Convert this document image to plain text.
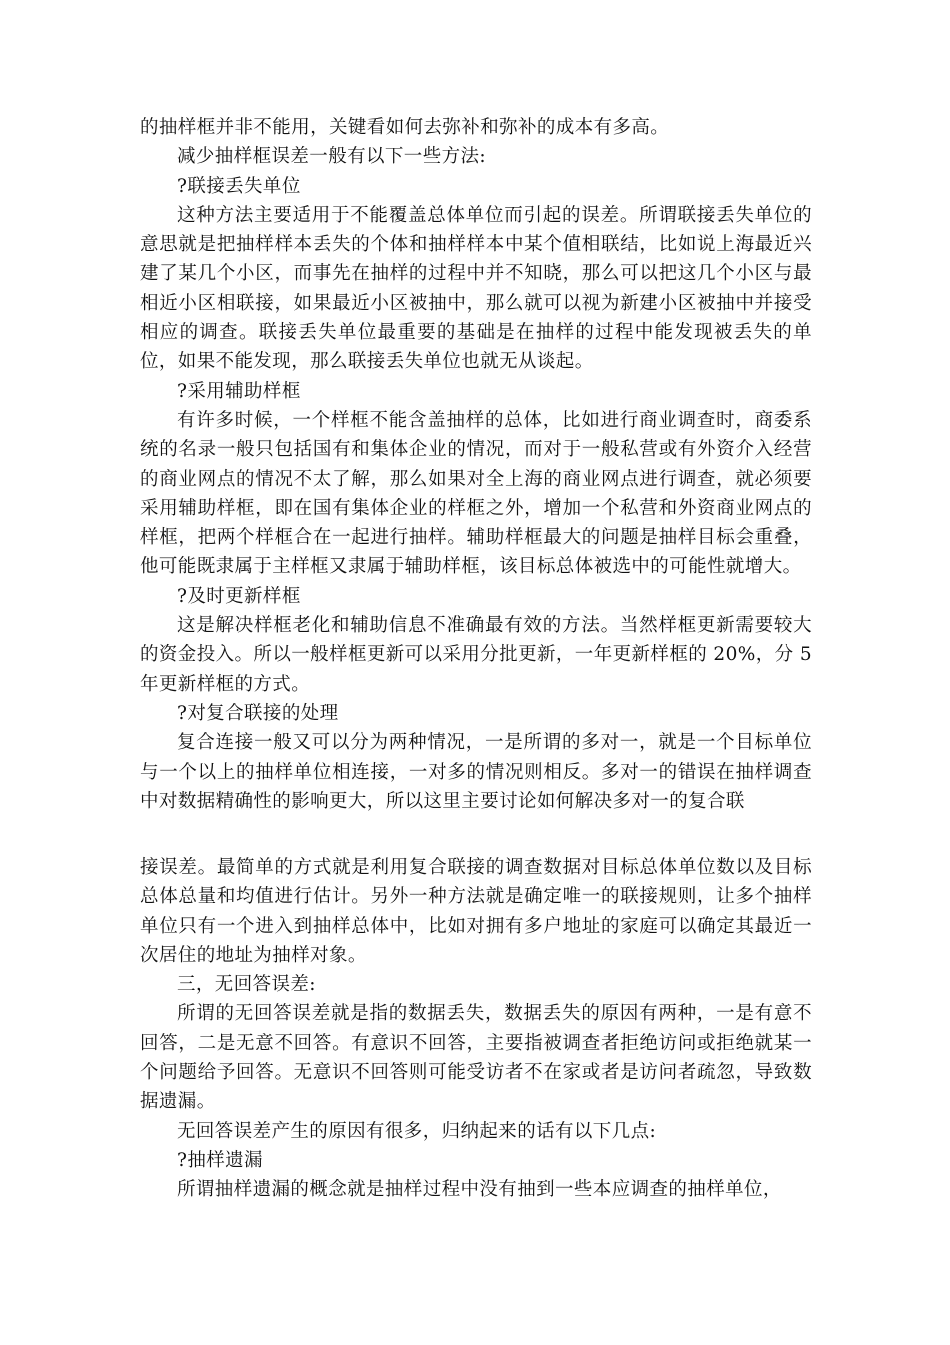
的抽样框并非不能用，关键看如何去弥补和弥补的成本有多高。

减少抽样框误差一般有以下一些方法:

?联接丢失单位

这种方法主要适用于不能覆盖总体单位而引起的误差。所谓联接丢失单位的意思就是把抽样样本丢失的个体和抽样样本中某个值相联结，比如说上海最近兴建了某几个小区，而事先在抽样的过程中并不知晓，那么可以把这几个小区与最相近小区相联接，如果最近小区被抽中，那么就可以视为新建小区被抽中并接受相应的调查。联接丢失单位最重要的基础是在抽样的过程中能发现被丢失的单位，如果不能发现，那么联接丢失单位也就无从谈起。

?采用辅助样框

有许多时候，一个样框不能含盖抽样的总体，比如进行商业调查时，商委系统的名录一般只包括国有和集体企业的情况，而对于一般私营或有外资介入经营的商业网点的情况不太了解，那么如果对全上海的商业网点进行调查，就必须要采用辅助样框，即在国有集体企业的样框之外，增加一个私营和外资商业网点的样框，把两个样框合在一起进行抽样。辅助样框最大的问题是抽样目标会重叠，他可能既隶属于主样框又隶属于辅助样框，该目标总体被选中的可能性就增大。

?及时更新样框

这是解决样框老化和辅助信息不准确最有效的方法。当然样框更新需要较大的资金投入。所以一般样框更新可以采用分批更新，一年更新样框的 20%，分 5 年更新样框的方式。

?对复合联接的处理

复合连接一般又可以分为两种情况，一是所谓的多对一，就是一个目标单位与一个以上的抽样单位相连接，一对多的情况则相反。多对一的错误在抽样调查中对数据精确性的影响更大，所以这里主要讨论如何解决多对一的复合联

接误差。最简单的方式就是利用复合联接的调查数据对目标总体单位数以及目标总体总量和均值进行估计。另外一种方法就是确定唯一的联接规则，让多个抽样单位只有一个进入到抽样总体中，比如对拥有多户地址的家庭可以确定其最近一次居住的地址为抽样对象。

三，无回答误差:

所谓的无回答误差就是指的数据丢失，数据丢失的原因有两种，一是有意不回答，二是无意不回答。有意识不回答，主要指被调查者拒绝访问或拒绝就某一个问题给予回答。无意识不回答则可能受访者不在家或者是访问者疏忽，导致数据遗漏。

无回答误差产生的原因有很多，归纳起来的话有以下几点:

?抽样遗漏

所谓抽样遗漏的概念就是抽样过程中没有抽到一些本应调查的抽样单位，
